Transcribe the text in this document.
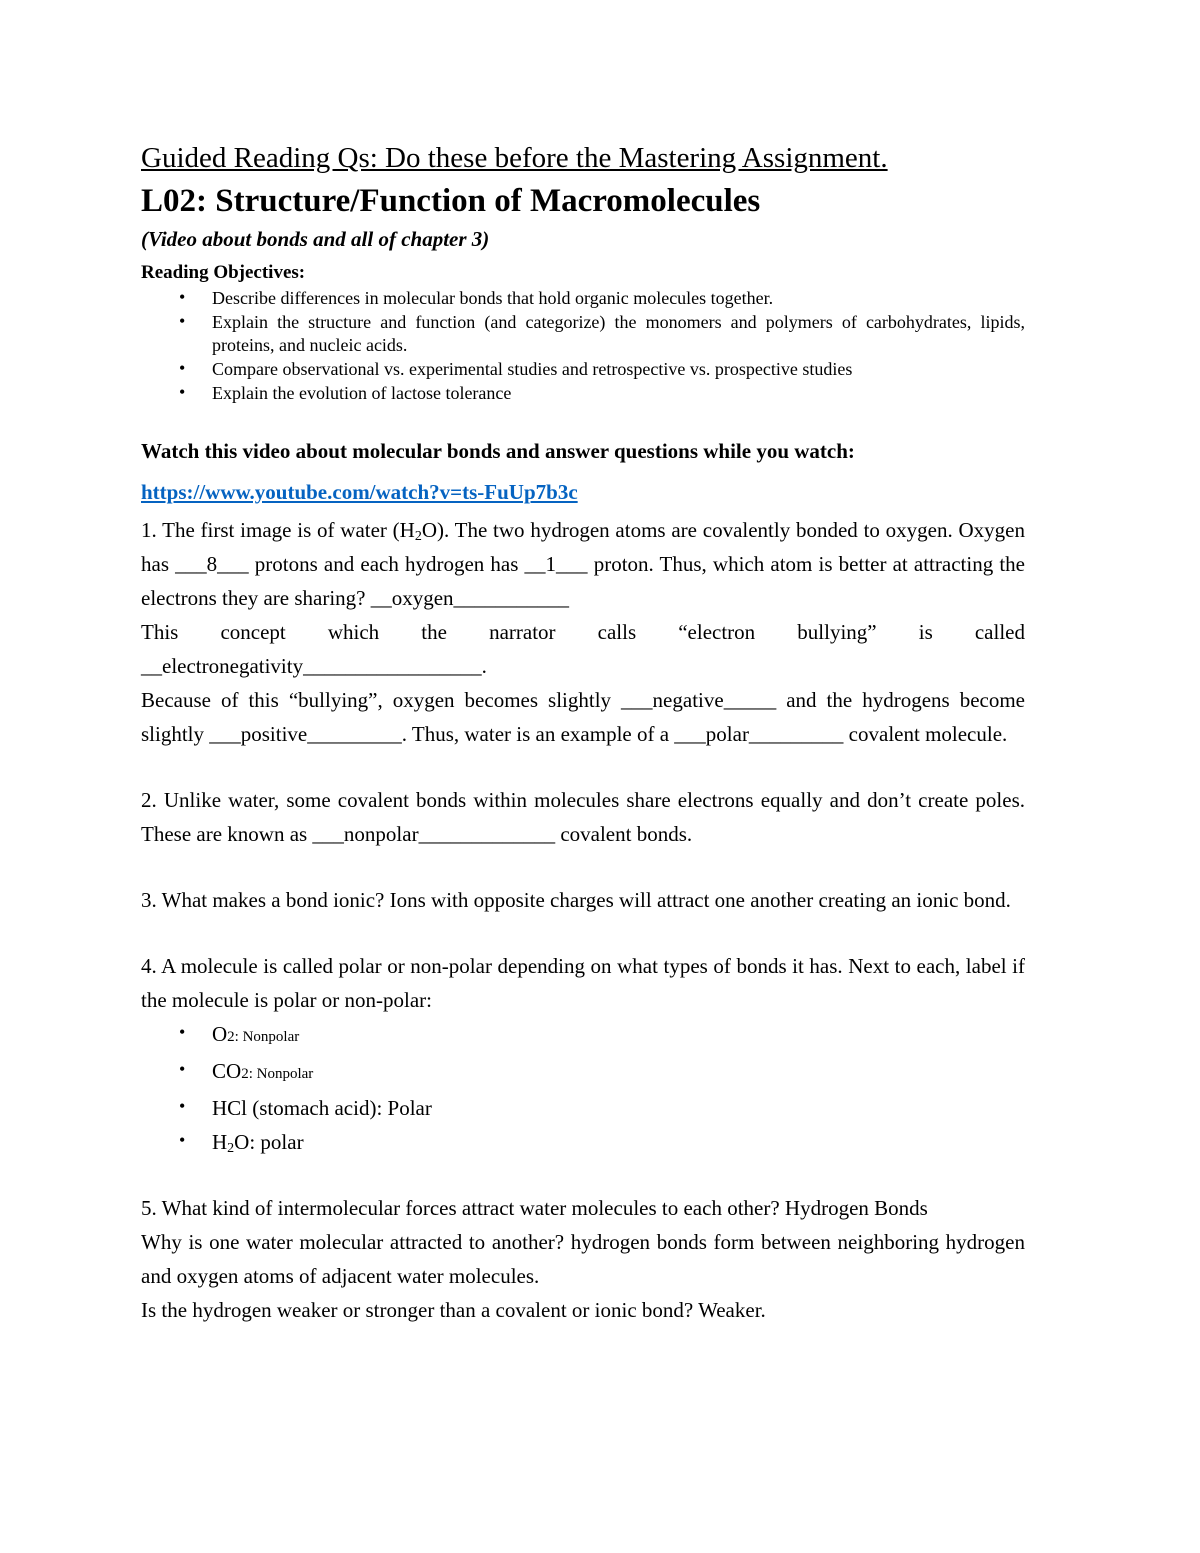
Guided Reading Qs: Do these before the Mastering Assignment.
L02: Structure/Function of Macromolecules
(Video about bonds and all of chapter 3)
Reading Objectives:
• Describe differences in molecular bonds that hold organic molecules together.
• Explain the structure and function (and categorize) the monomers and polymers of carbohydrates, lipids, proteins, and nucleic acids.
• Compare observational vs. experimental studies and retrospective vs. prospective studies
• Explain the evolution of lactose tolerance
Watch this video about molecular bonds and answer questions while you watch:
https://www.youtube.com/watch?v=ts-FuUp7b3c

1. The first image is of water $(H_2O)$. The two hydrogen atoms are covalently bonded to oxygen. Oxygen has ___8___ protons and each hydrogen has __1___ proton. Thus, which atom is better at attracting the electrons they are sharing? __oxygen___________

This concept which the narrator calls “electron bullying” is called __electronegativity_________________.

Because of this “bullying”, oxygen becomes slightly ___negative_____ and the hydrogens become slightly ___positive_________. Thus, water is an example of a ___polar_________ covalent molecule.

2. Unlike water, some covalent bonds within molecules share electrons equally and don’t create poles. These are known as ___nonpolar_____________ covalent bonds.

3. What makes a bond ionic? Ions with opposite charges will attract one another creating an ionic bond.

4. A molecule is called polar or non-polar depending on what types of bonds it has. Next to each, label if the molecule is polar or non-polar:

• O2: Nonpolar
• CO2: Nonpolar
• HCl (stomach acid): Polar
• $H_2O$: polar

5. What kind of intermolecular forces attract water molecules to each other? Hydrogen Bonds

Why is one water molecular attracted to another? hydrogen bonds form between neighboring hydrogen and oxygen atoms of adjacent water molecules.

Is the hydrogen weaker or stronger than a covalent or ionic bond? Weaker.
